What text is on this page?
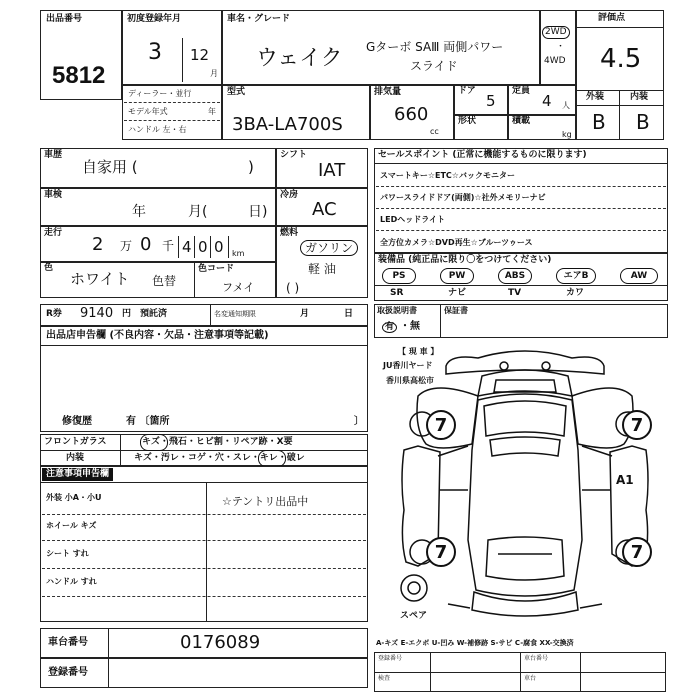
出品番号
5812
初度登録年月
3 12
月
車名・グレード
ウェイク Gターボ SAⅢ 両側パワー
スライド
2WD
・
4WD
評価点
4.5
外装	内装
B B
ディーラー・並行
モデル年式	年
ハンドル 左・右
型式
3BA-LA700S
排気量
660
cc
ドア
5
定員
4 人
形状	積載
kg
車歴
自家用 (	)
シフト
IAT
車検
年	月(	日)
冷房
AC
走行
2 万 0 千 4 0 0 km
燃料
ガソリン
軽 油
( )
色
ホワイト 色替
色コード
フメイ
セールスポイント (正常に機能するものに限ります)
スマートキー☆ETC☆バックモニター
パワースライドドア(両側)☆社外メモリーナビ
LEDヘッドライト
全方位カメラ☆DVD再生☆ブルーツゥース
装備品 (純正品に限り〇をつけてください)
PS	PW	ABS	エアB	AW
SR	ナビ	TV	カワ
R券 9140 円 預託済	名変通知期限	月	日	取扱説明書
有 ・無
保証書
出品店申告欄 (不良内容・欠品・注意事項等記載)
修復歴	有 〔箇所	〕
フロントガラス	キズ・飛石・ヒビ割・リペア跡・X要
内装	キズ・汚レ・コゲ・穴・スレ・キレ・破レ
注意事項申告欄
外装 小A・小U
ホイール キズ
シート すれ
ハンドル すれ
☆テントリ出品中
車台番号	0176089
登録番号
【 現 車 】
JU香川ヤード
香川県高松市
7	7
7	7
A1
スペア
A-キズ E-エクボ U-凹み W-補修跡 S-サビ C-腐食 XX-交換済
登録番号	車台番号
検査	車台
